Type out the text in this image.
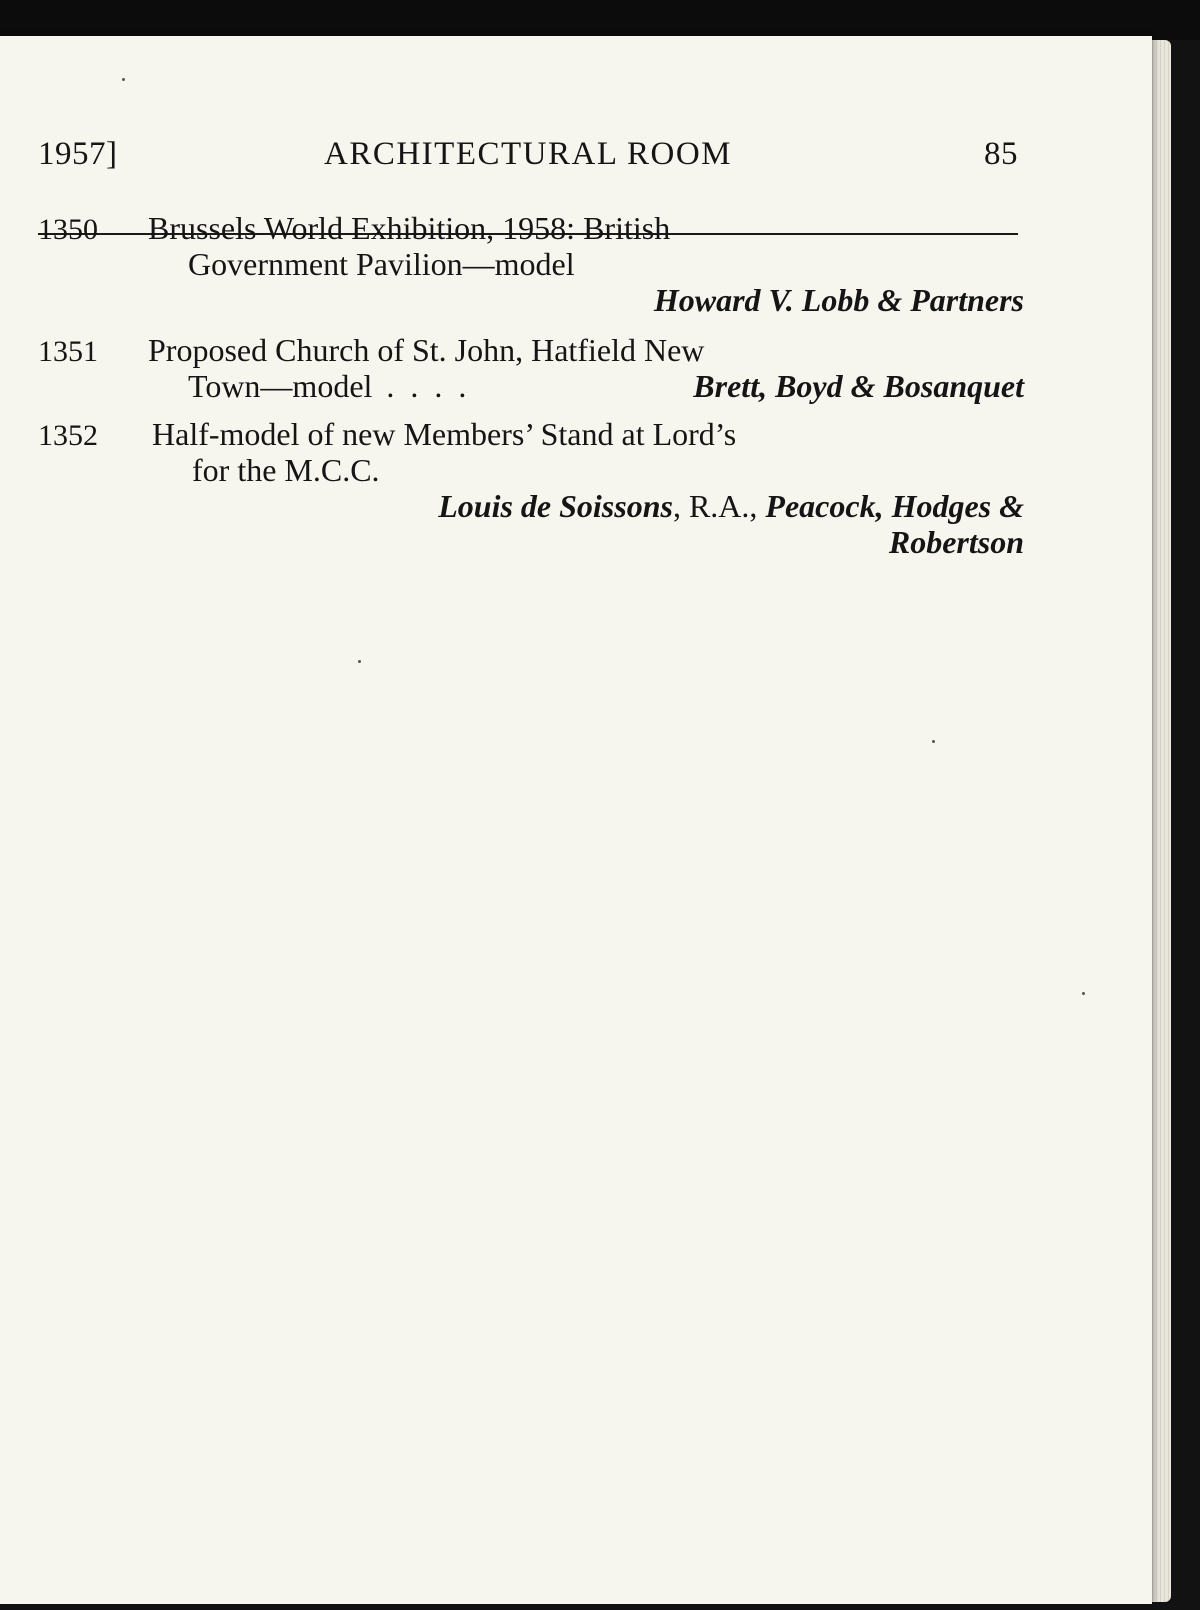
1957]	ARCHITECTURAL ROOM	85
1350 Brussels World Exhibition, 1958: British
Government Pavilion—model
Howard V. Lobb & Partners
1351 Proposed Church of St. John, Hatfield New
Town—model . . . .	Brett, Boyd & Bosanquet
1352 Half-model of new Members’ Stand at Lord’s
for the M.C.C.
Louis de Soissons, R.A., Peacock, Hodges &
Robertson
